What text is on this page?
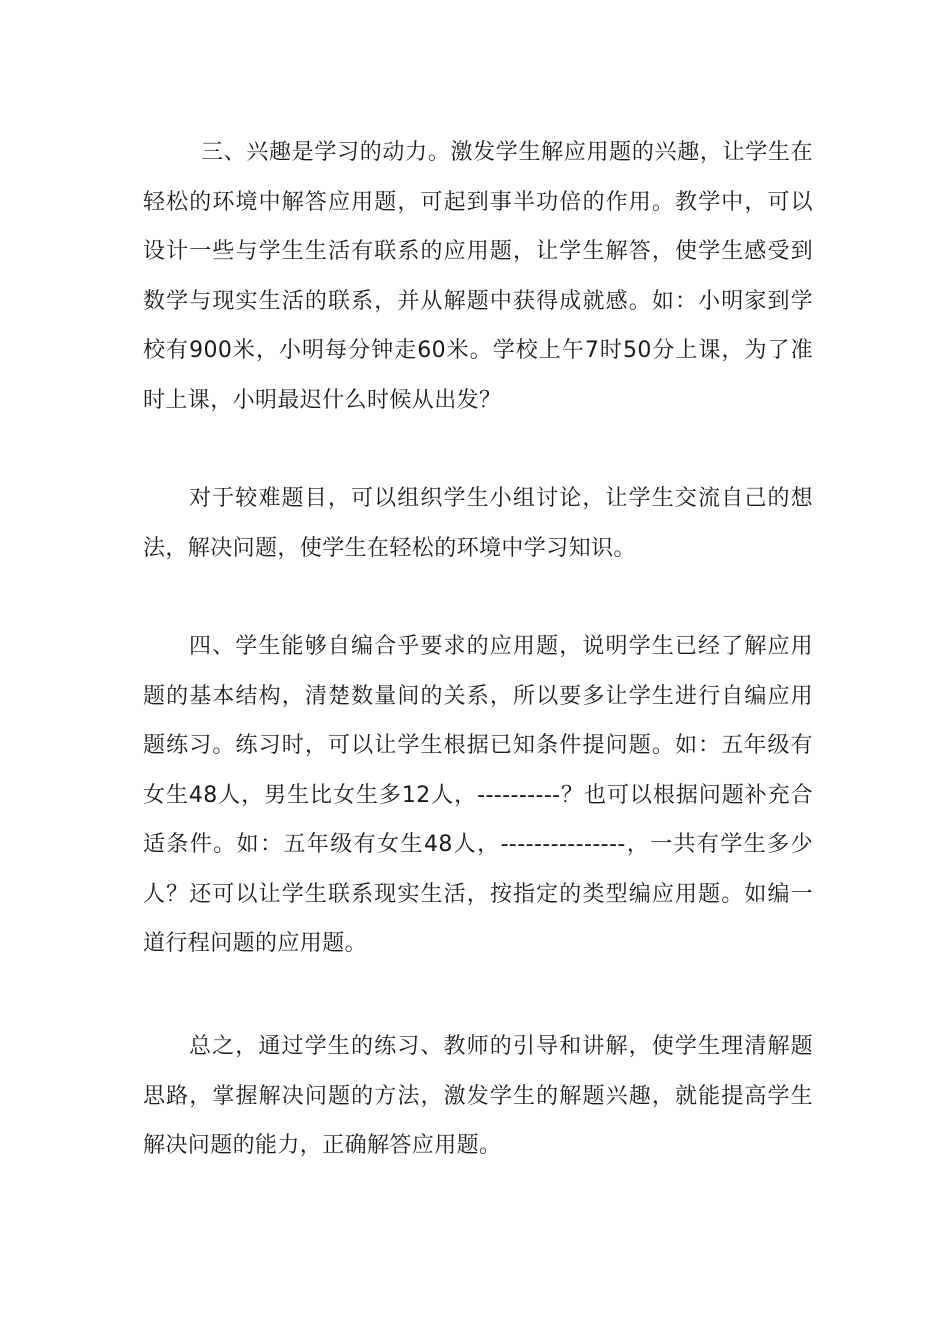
三、兴趣是学习的动力。激发学生解应用题的兴趣，让学生在轻松的环境中解答应用题，可起到事半功倍的作用。教学中，可以设计一些与学生生活有联系的应用题，让学生解答，使学生感受到数学与现实生活的联系，并从解题中获得成就感。如：小明家到学校有900米，小明每分钟走60米。学校上午7时50分上课，为了准时上课，小明最迟什么时候从出发？

对于较难题目，可以组织学生小组讨论，让学生交流自己的想法，解决问题，使学生在轻松的环境中学习知识。

四、学生能够自编合乎要求的应用题，说明学生已经了解应用题的基本结构，清楚数量间的关系，所以要多让学生进行自编应用题练习。练习时，可以让学生根据已知条件提问题。如：五年级有女生48人，男生比女生多12人，----------？也可以根据问题补充合适条件。如：五年级有女生48人，---------------，一共有学生多少人？还可以让学生联系现实生活，按指定的类型编应用题。如编一道行程问题的应用题。

总之，通过学生的练习、教师的引导和讲解，使学生理清解题思路，掌握解决问题的方法，激发学生的解题兴趣，就能提高学生解决问题的能力，正确解答应用题。
